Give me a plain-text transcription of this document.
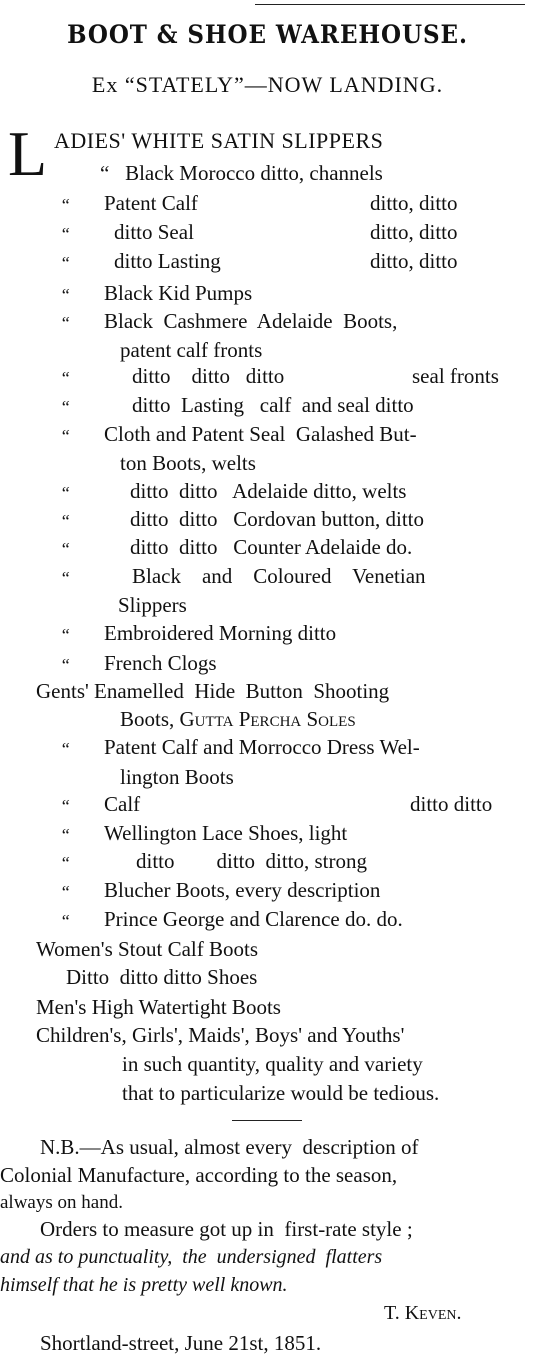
BOOT & SHOE WAREHOUSE.
Ex “STATELY”—NOW LANDING.
L ADIES' WHITE SATIN SLIPPERS
“ Black Morocco ditto, channels
“ Patent Calf	ditto, ditto
“ ditto Seal	ditto, ditto
“ ditto Lasting	ditto, ditto
“ Black Kid Pumps
“ Black  Cashmere  Adelaide  Boots,
patent calf fronts
“	ditto    ditto   ditto	seal fronts
“	ditto  Lasting   calf  and seal ditto
“ Cloth and Patent Seal  Galashed But-
ton Boots, welts
“	ditto  ditto   Adelaide ditto, welts
“	ditto  ditto   Cordovan button, ditto
“	ditto  ditto   Counter Adelaide do.
“	Black    and    Coloured    Venetian
Slippers
“ Embroidered Morning ditto
“ French Clogs
Gents' Enamelled  Hide  Button  Shooting
Boots, Gutta Percha Soles
“ Patent Calf and Morrocco Dress Wel-
lington Boots
“ Calf	ditto ditto
“ Wellington Lace Shoes, light
“	ditto        ditto  ditto, strong
“ Blucher Boots, every description
“ Prince George and Clarence do. do.
Women's Stout Calf Boots
Ditto  ditto ditto Shoes
Men's High Watertight Boots
Children's, Girls', Maids', Boys' and Youths'
in such quantity, quality and variety
that to particularize would be tedious.
N.B.—As usual, almost every  description of
Colonial Manufacture, according to the season,
always on hand.
Orders to measure got up in  first-rate style ;
and as to punctuality,  the  undersigned  flatters
himself that he is pretty well known.
T. Keven.
Shortland-street, June 21st, 1851.
